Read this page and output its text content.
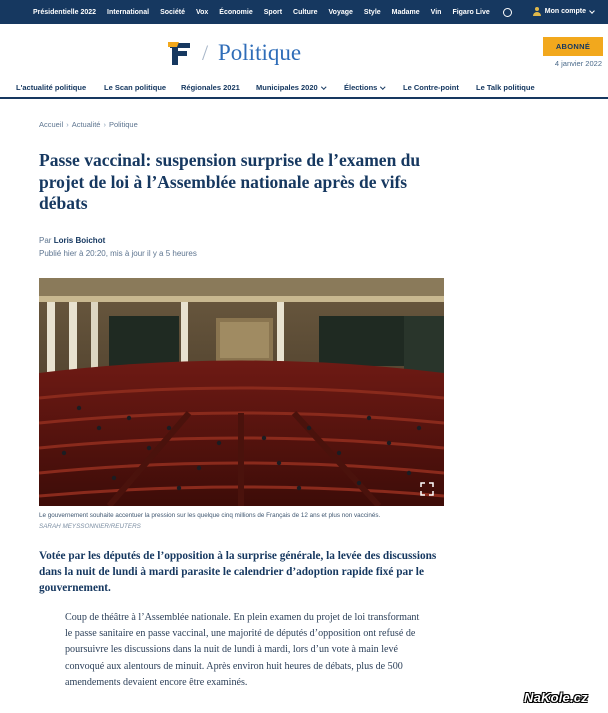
Présidentielle 2022 International Société Vox Économie Sport Culture Voyage Style Madame Vin Figaro Live	Mon compte
/ Politique	ABONNÉ
4 janvier 2022
L'actualité politique Le Scan politique Régionales 2021 Municipales 2020	Élections	Le Contre-point Le Talk politique
Accueil › Actualité › Politique
Passe vaccinal: suspension surprise de l’examen du projet de loi à l’Assemblée nationale après de vifs débats
Par Loris Boichot
Publié hier à 20:20, mis à jour il y a 5 heures
Le gouvernement souhaite accentuer la pression sur les quelque cinq millions de Français de 12 ans et plus non vaccinés.
SARAH MEYSSONNIER/REUTERS

Votée par les députés de l’opposition à la surprise générale, la levée des discussions dans la nuit de lundi à mardi parasite le calendrier d’adoption rapide fixé par le gouvernement.

Coup de théâtre à l’Assemblée nationale. En plein examen du projet de loi transformant le passe sanitaire en passe vaccinal, une majorité de députés d’opposition ont refusé de poursuivre les discussions dans la nuit de lundi à mardi, lors d’un vote à main levé convoqué aux alentours de minuit. Après environ huit heures de débats, plus de 500 amendements devaient encore être examinés.

NaKole.cz
